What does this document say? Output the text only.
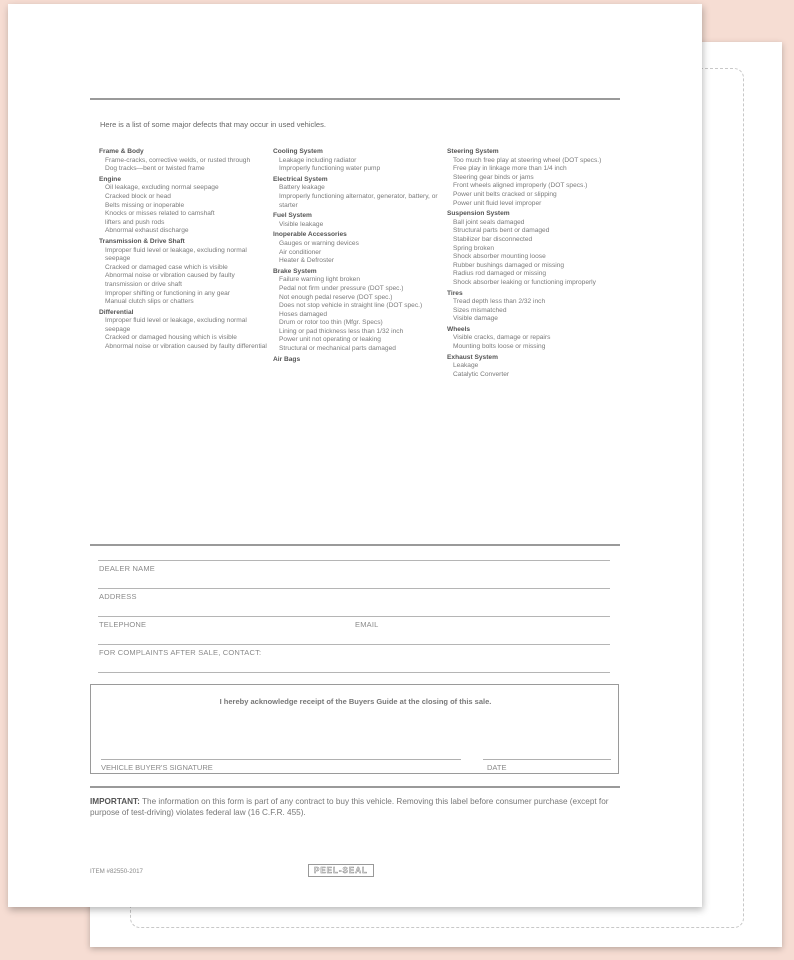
Here is a list of some major defects that may occur in used vehicles.
Frame & Body
Frame-cracks, corrective welds, or rusted through
Dog tracks—bent or twisted frame
Engine
Oil leakage, excluding normal seepage
Cracked block or head
Belts missing or inoperable
Knocks or misses related to camshaft
lifters and push rods
Abnormal exhaust discharge
Transmission & Drive Shaft
Improper fluid level or leakage, excluding normal seepage
Cracked or damaged case which is visible
Abnormal noise or vibration caused by faulty transmission or drive shaft
Improper shifting or functioning in any gear
Manual clutch slips or chatters
Differential
Improper fluid level or leakage, excluding normal seepage
Cracked or damaged housing which is visible
Abnormal noise or vibration caused by faulty differential
Cooling System
Leakage including radiator
Improperly functioning water pump
Electrical System
Battery leakage
Improperly functioning alternator, generator, battery, or starter
Fuel System
Visible leakage
Inoperable Accessories
Gauges or warning devices
Air conditioner
Heater & Defroster
Brake System
Failure warning light broken
Pedal not firm under pressure (DOT spec.)
Not enough pedal reserve (DOT spec.)
Does not stop vehicle in straight line (DOT spec.)
Hoses damaged
Drum or rotor too thin (Mfgr. Specs)
Lining or pad thickness less than 1/32 inch
Power unit not operating or leaking
Structural or mechanical parts damaged
Air Bags
Steering System
Too much free play at steering wheel (DOT specs.)
Free play in linkage more than 1/4 inch
Steering gear binds or jams
Front wheels aligned improperly (DOT specs.)
Power unit belts cracked or slipping
Power unit fluid level improper
Suspension System
Ball joint seals damaged
Structural parts bent or damaged
Stabilizer bar disconnected
Spring broken
Shock absorber mounting loose
Rubber bushings damaged or missing
Radius rod damaged or missing
Shock absorber leaking or functioning improperly
Tires
Tread depth less than 2/32 inch
Sizes mismatched
Visible damage
Wheels
Visible cracks, damage or repairs
Mounting bolts loose or missing
Exhaust System
Leakage
Catalytic Converter
DEALER NAME
ADDRESS
TELEPHONE	EMAIL
FOR COMPLAINTS AFTER SALE, CONTACT:
I hereby acknowledge receipt of the Buyers Guide at the closing of this sale.
VEHICLE BUYER'S SIGNATURE	DATE
IMPORTANT: The information on this form is part of any contract to buy this vehicle. Removing this label before consumer purchase (except for purpose of test-driving) violates federal law (16 C.F.R. 455).
ITEM #82550-2017	PEEL-SEAL
